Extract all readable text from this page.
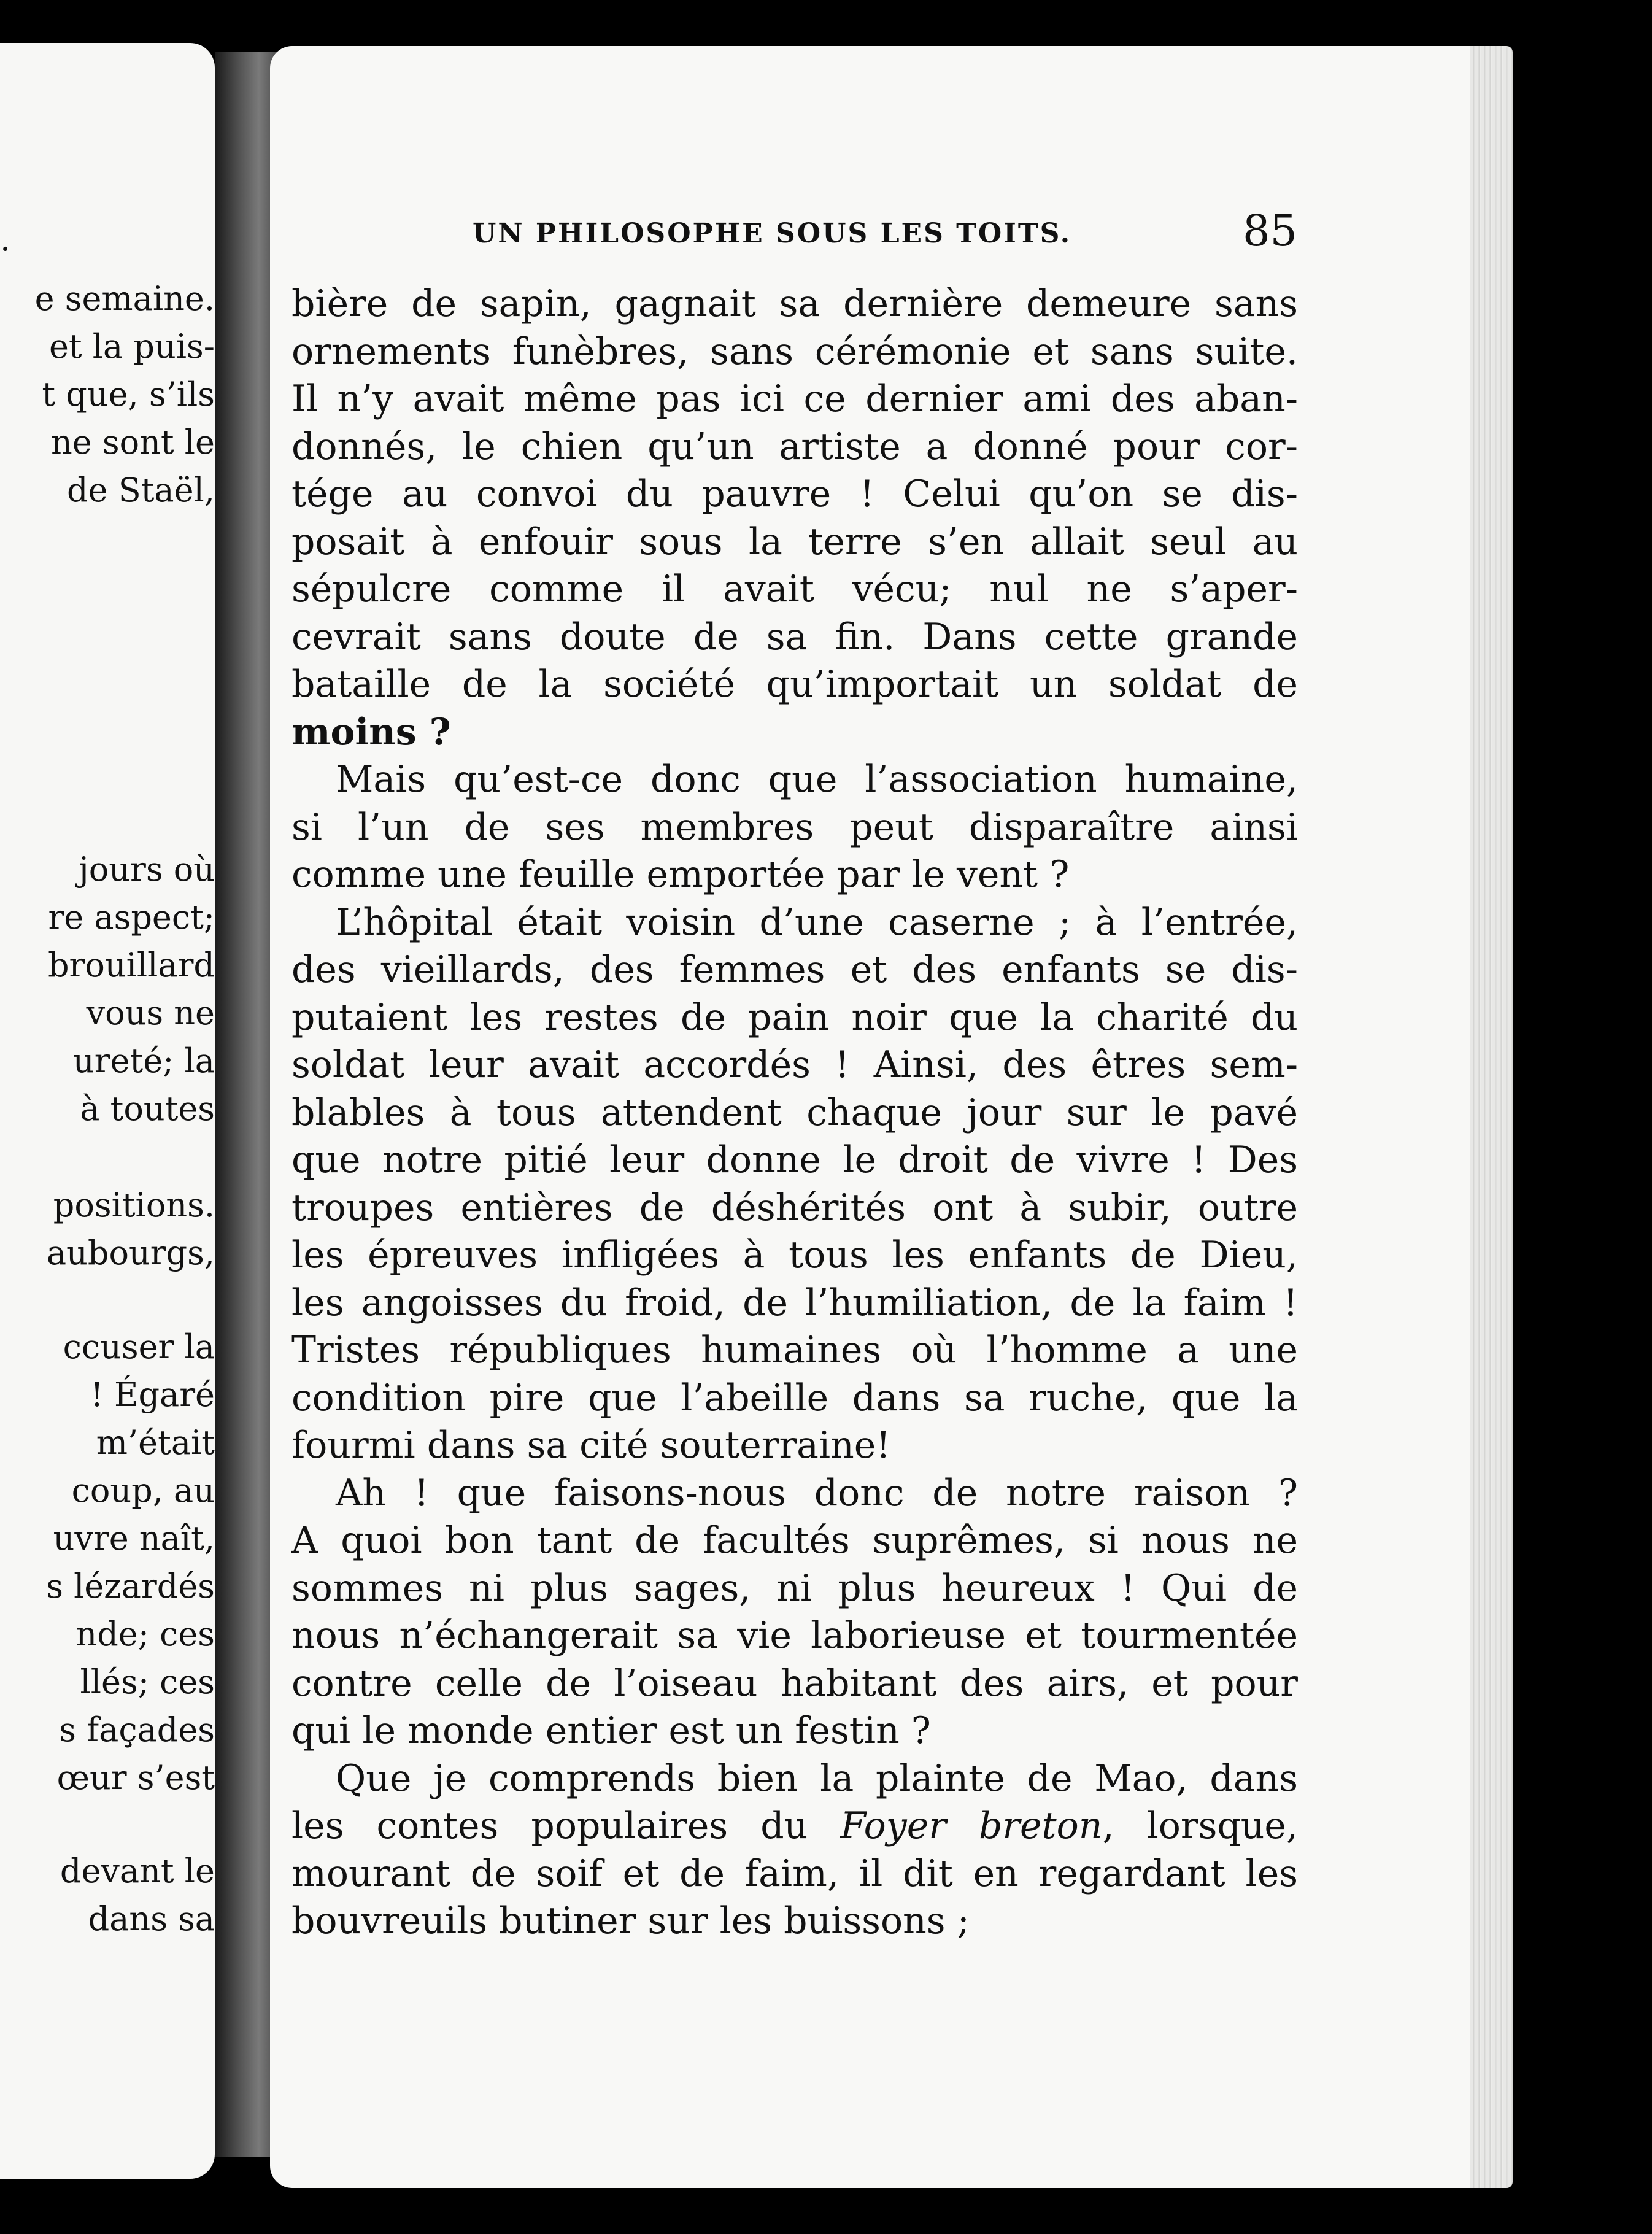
.
e semaine.
et la puis-
t que, s’ils
ne sont le
de Staël,
jours où
re aspect;
brouillard
vous ne
ureté; la
à toutes
positions.
aubourgs,
ccuser la
! Égaré
m’était
coup, au
uvre naît,
s lézardés
nde; ces
llés; ces
s façades
œur s’est
devant le
dans sa
UN PHILOSOPHE SOUS LES TOITS.	85
bière de sapin, gagnait sa dernière demeure sans
ornements funèbres, sans cérémonie et sans suite.
Il n’y avait même pas ici ce dernier ami des aban-
donnés, le chien qu’un artiste a donné pour cor-
tége au convoi du pauvre ! Celui qu’on se dis-
posait à enfouir sous la terre s’en allait seul au
sépulcre comme il avait vécu; nul ne s’aper-
cevrait sans doute de sa fin. Dans cette grande
bataille de la société qu’importait un soldat de
moins ?
Mais qu’est-ce donc que l’association humaine,
si l’un de ses membres peut disparaître ainsi
comme une feuille emportée par le vent ?
L’hôpital était voisin d’une caserne ; à l’entrée,
des vieillards, des femmes et des enfants se dis-
putaient les restes de pain noir que la charité du
soldat leur avait accordés ! Ainsi, des êtres sem-
blables à tous attendent chaque jour sur le pavé
que notre pitié leur donne le droit de vivre ! Des
troupes entières de déshérités ont à subir, outre
les épreuves infligées à tous les enfants de Dieu,
les angoisses du froid, de l’humiliation, de la faim !
Tristes républiques humaines où l’homme a une
condition pire que l’abeille dans sa ruche, que la
fourmi dans sa cité souterraine!
Ah ! que faisons-nous donc de notre raison ?
A quoi bon tant de facultés suprêmes, si nous ne
sommes ni plus sages, ni plus heureux ! Qui de
nous n’échangerait sa vie laborieuse et tourmentée
contre celle de l’oiseau habitant des airs, et pour
qui le monde entier est un festin ?
Que je comprends bien la plainte de Mao, dans
les contes populaires du Foyer breton, lorsque,
mourant de soif et de faim, il dit en regardant les
bouvreuils butiner sur les buissons ;
